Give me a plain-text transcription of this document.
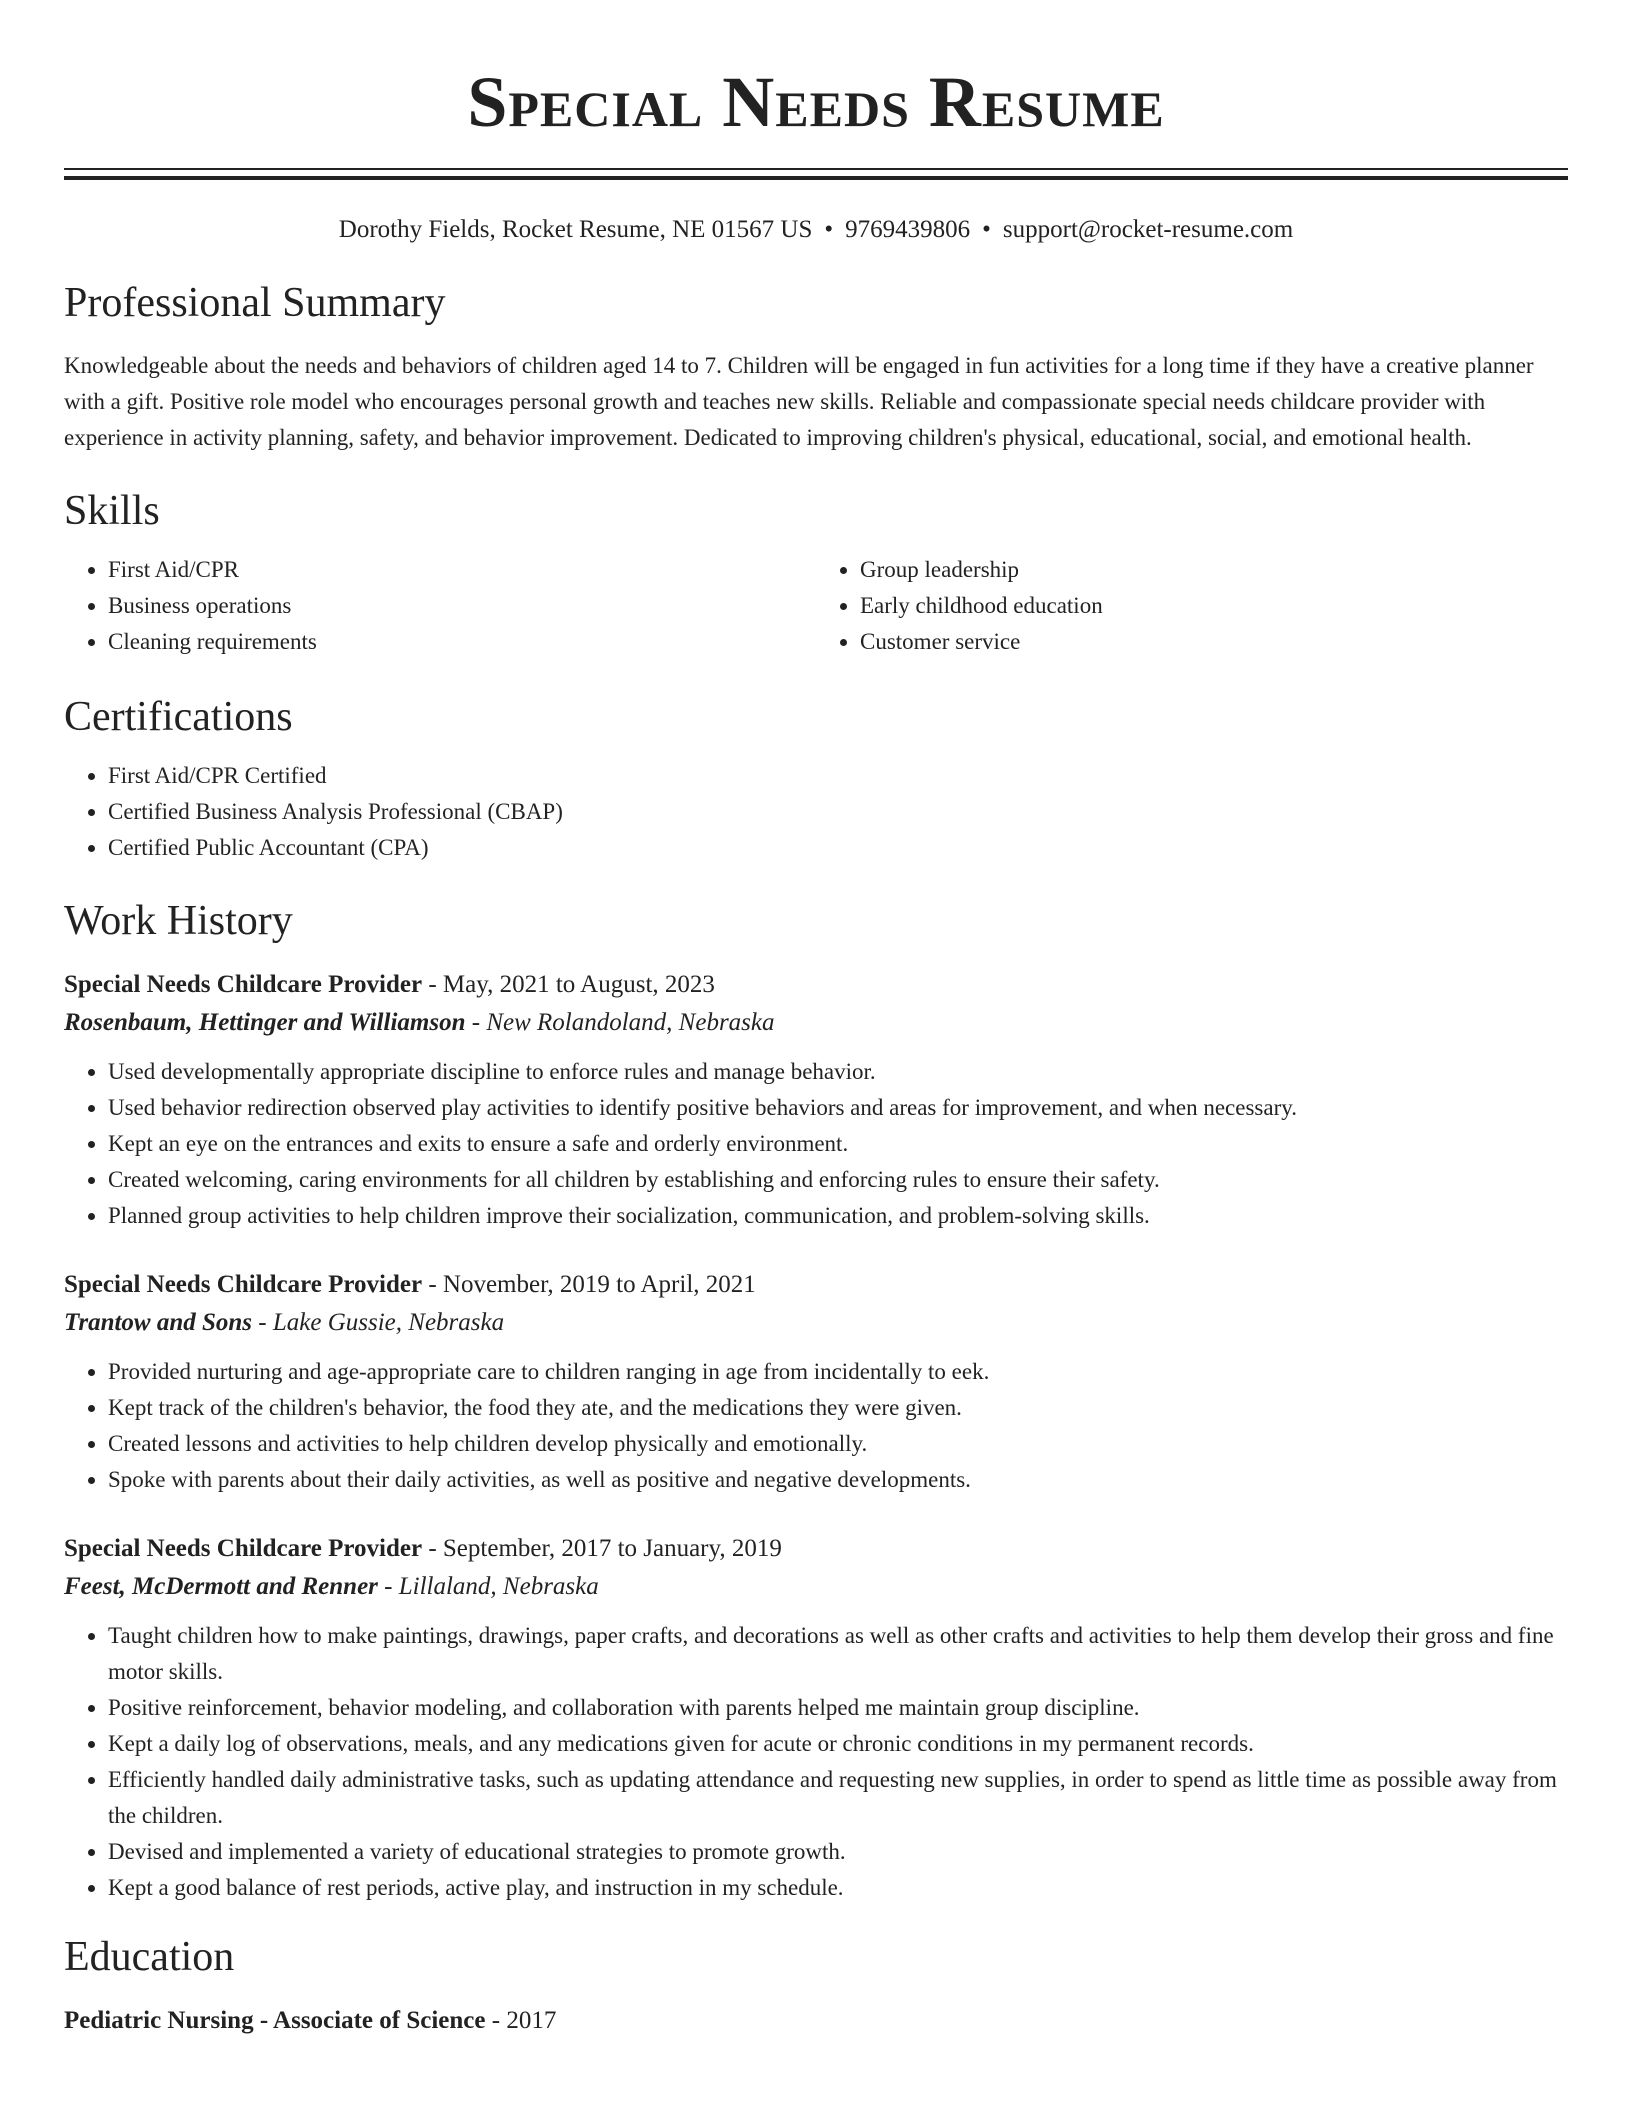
Special Needs Resume
Dorothy Fields, Rocket Resume, NE 01567 US • 9769439806 • support@rocket-resume.com
Professional Summary

Knowledgeable about the needs and behaviors of children aged 14 to 7. Children will be engaged in fun activities for a long time if they have a creative planner with a gift. Positive role model who encourages personal growth and teaches new skills. Reliable and compassionate special needs childcare provider with experience in activity planning, safety, and behavior improvement. Dedicated to improving children's physical, educational, social, and emotional health.

Skills
• First Aid/CPR
• Business operations
• Cleaning requirements
• Group leadership
• Early childhood education
• Customer service
Certifications
• First Aid/CPR Certified
• Certified Business Analysis Professional (CBAP)
• Certified Public Accountant (CPA)
Work History
Special Needs Childcare Provider - May, 2021 to August, 2023
Rosenbaum, Hettinger and Williamson - New Rolandoland, Nebraska
• Used developmentally appropriate discipline to enforce rules and manage behavior.
• Used behavior redirection observed play activities to identify positive behaviors and areas for improvement, and when necessary.
• Kept an eye on the entrances and exits to ensure a safe and orderly environment.
• Created welcoming, caring environments for all children by establishing and enforcing rules to ensure their safety.
• Planned group activities to help children improve their socialization, communication, and problem-solving skills.
Special Needs Childcare Provider - November, 2019 to April, 2021
Trantow and Sons - Lake Gussie, Nebraska
• Provided nurturing and age-appropriate care to children ranging in age from incidentally to eek.
• Kept track of the children's behavior, the food they ate, and the medications they were given.
• Created lessons and activities to help children develop physically and emotionally.
• Spoke with parents about their daily activities, as well as positive and negative developments.
Special Needs Childcare Provider - September, 2017 to January, 2019
Feest, McDermott and Renner - Lillaland, Nebraska
• Taught children how to make paintings, drawings, paper crafts, and decorations as well as other crafts and activities to help them develop their gross and fine motor skills.
• Positive reinforcement, behavior modeling, and collaboration with parents helped me maintain group discipline.
• Kept a daily log of observations, meals, and any medications given for acute or chronic conditions in my permanent records.
• Efficiently handled daily administrative tasks, such as updating attendance and requesting new supplies, in order to spend as little time as possible away from the children.
• Devised and implemented a variety of educational strategies to promote growth.
• Kept a good balance of rest periods, active play, and instruction in my schedule.
Education
Pediatric Nursing - Associate of Science - 2017
